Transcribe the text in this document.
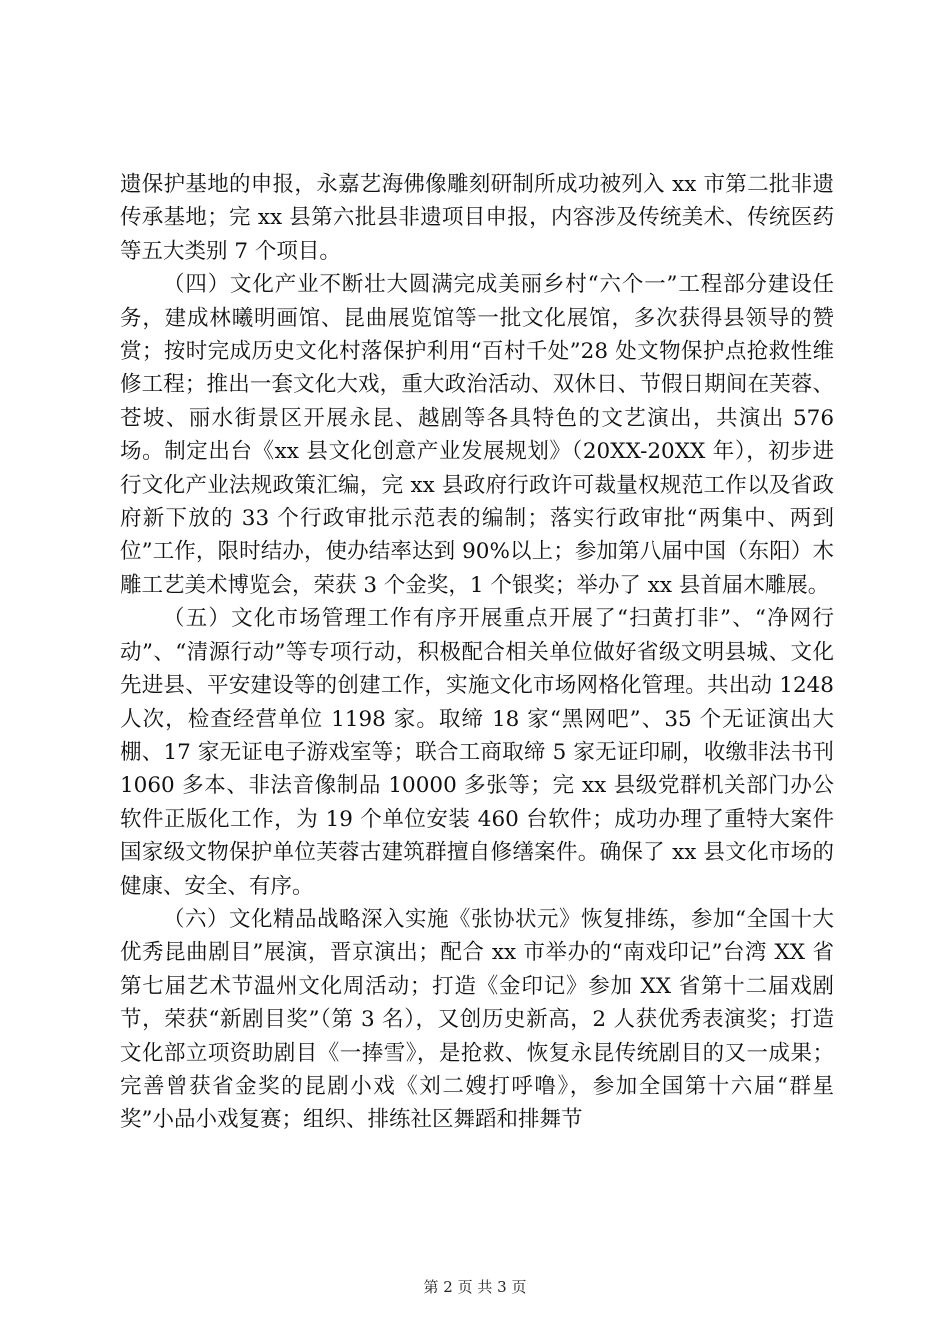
遗保护基地的申报，永嘉艺海佛像雕刻研制所成功被列入 xx 市第二批非遗传承基地；完 xx 县第六批县非遗项目申报，内容涉及传统美术、传统医药等五大类别 7 个项目。

（四）文化产业不断壮大圆满完成美丽乡村“六个一”工程部分建设任务，建成林曦明画馆、昆曲展览馆等一批文化展馆，多次获得县领导的赞赏；按时完成历史文化村落保护利用“百村千处”28 处文物保护点抢救性维修工程；推出一套文化大戏，重大政治活动、双休日、节假日期间在芙蓉、苍坡、丽水街景区开展永昆、越剧等各具特色的文艺演出，共演出 576 场。制定出台《xx 县文化创意产业发展规划》（20XX-20XX 年），初步进行文化产业法规政策汇编，完 xx 县政府行政许可裁量权规范工作以及省政府新下放的 33 个行政审批示范表的编制；落实行政审批“两集中、两到位”工作，限时结办，使办结率达到 90%以上；参加第八届中国（东阳）木雕工艺美术博览会，荣获 3 个金奖，1 个银奖；举办了 xx 县首届木雕展。

（五）文化市场管理工作有序开展重点开展了“扫黄打非”、“净网行动”、“清源行动”等专项行动，积极配合相关单位做好省级文明县城、文化先进县、平安建设等的创建工作，实施文化市场网格化管理。共出动 1248 人次，检查经营单位 1198 家。取缔 18 家“黑网吧”、35 个无证演出大棚、17 家无证电子游戏室等；联合工商取缔 5 家无证印刷，收缴非法书刊 1060 多本、非法音像制品 10000 多张等；完 xx 县级党群机关部门办公软件正版化工作，为 19 个单位安装 460 台软件；成功办理了重特大案件国家级文物保护单位芙蓉古建筑群擅自修缮案件。确保了 xx 县文化市场的健康、安全、有序。

（六）文化精品战略深入实施《张协状元》恢复排练，参加“全国十大优秀昆曲剧目”展演，晋京演出；配合 xx 市举办的“南戏印记”台湾 XX 省第七届艺术节温州文化周活动；打造《金印记》参加 XX 省第十二届戏剧节，荣获“新剧目奖”（第 3 名），又创历史新高，2 人获优秀表演奖；打造文化部立项资助剧目《一捧雪》，是抢救、恢复永昆传统剧目的又一成果；完善曾获省金奖的昆剧小戏《刘二嫂打呼噜》，参加全国第十六届“群星奖”小品小戏复赛；组织、排练社区舞蹈和排舞节

第 2 页 共 3 页
